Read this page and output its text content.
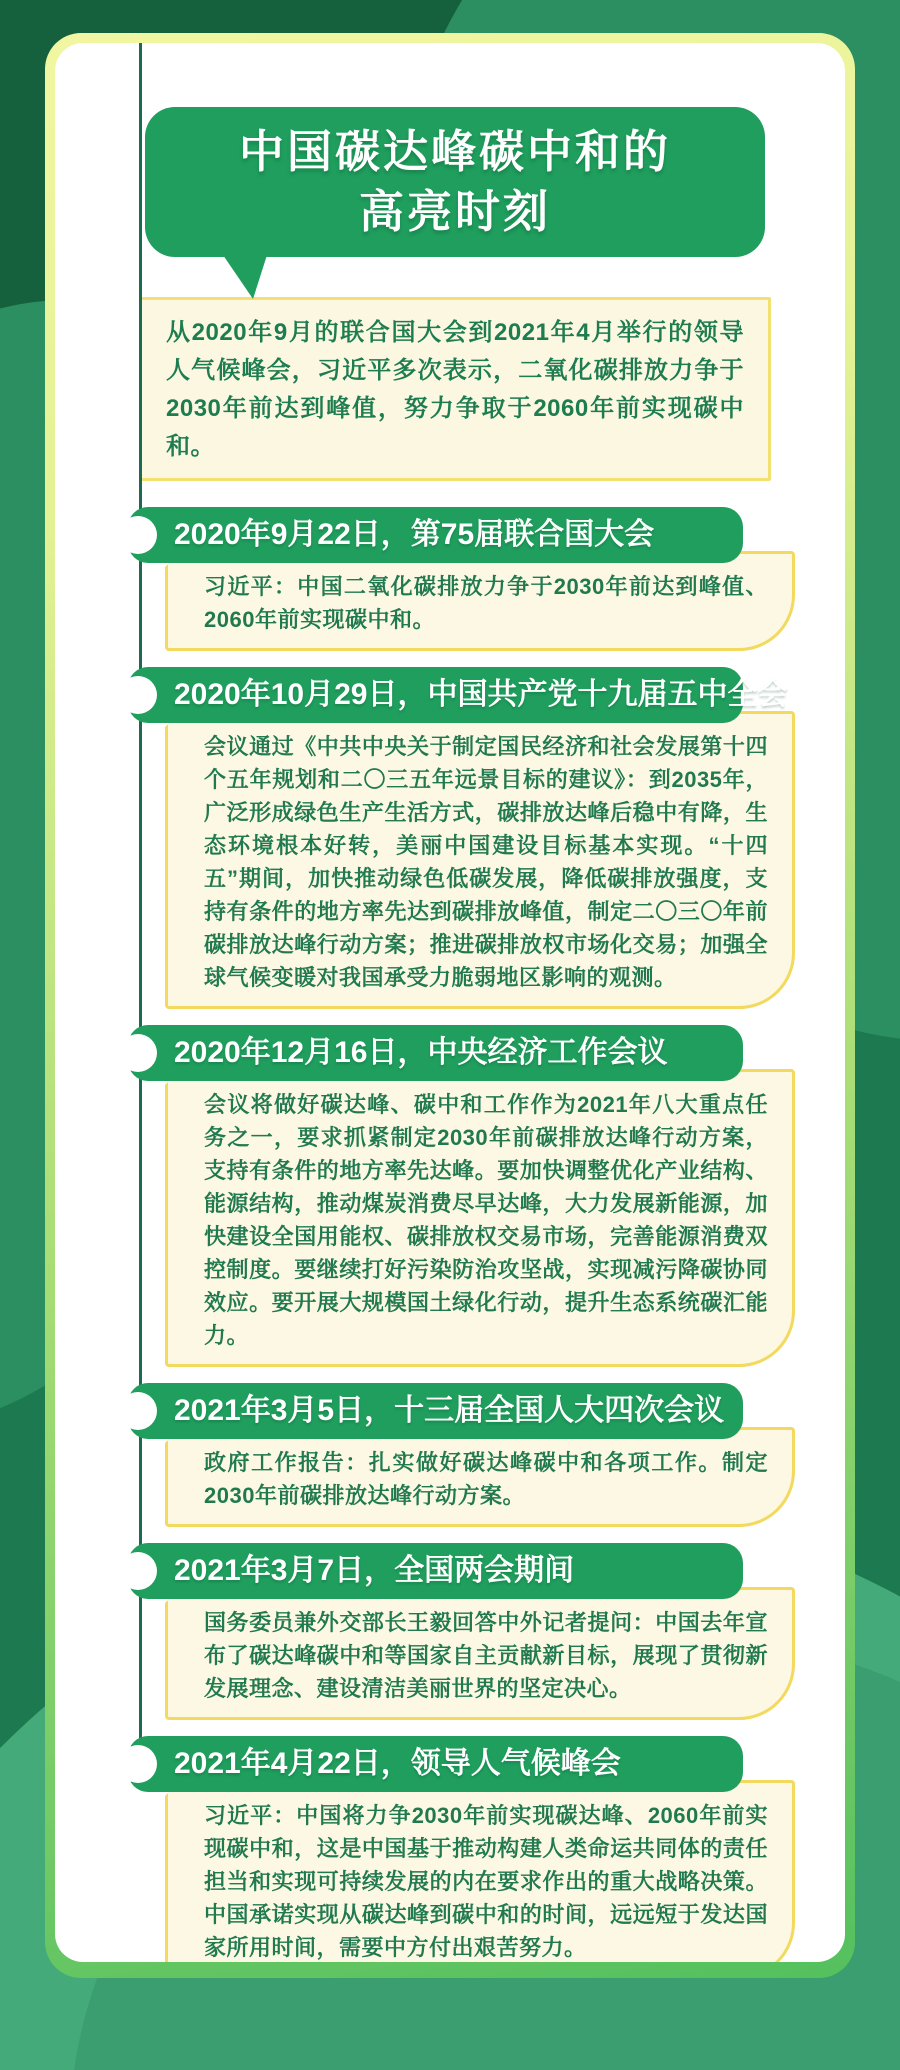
中国碳达峰碳中和的
高亮时刻
从2020年9月的联合国大会到2021年4月举行的领导人气候峰会，习近平多次表示，二氧化碳排放力争于2030年前达到峰值，努力争取于2060年前实现碳中和。
2020年9月22日，第75届联合国大会
习近平：中国二氧化碳排放力争于2030年前达到峰值、2060年前实现碳中和。
2020年10月29日，中国共产党十九届五中全会
会议通过《中共中央关于制定国民经济和社会发展第十四个五年规划和二〇三五年远景目标的建议》：到2035年，广泛形成绿色生产生活方式，碳排放达峰后稳中有降，生态环境根本好转，美丽中国建设目标基本实现。“十四五”期间，加快推动绿色低碳发展，降低碳排放强度，支持有条件的地方率先达到碳排放峰值，制定二〇三〇年前碳排放达峰行动方案；推进碳排放权市场化交易；加强全球气候变暖对我国承受力脆弱地区影响的观测。
2020年12月16日，中央经济工作会议
会议将做好碳达峰、碳中和工作作为2021年八大重点任务之一，要求抓紧制定2030年前碳排放达峰行动方案，支持有条件的地方率先达峰。要加快调整优化产业结构、能源结构，推动煤炭消费尽早达峰，大力发展新能源，加快建设全国用能权、碳排放权交易市场，完善能源消费双控制度。要继续打好污染防治攻坚战，实现减污降碳协同效应。要开展大规模国土绿化行动，提升生态系统碳汇能力。
2021年3月5日，十三届全国人大四次会议
政府工作报告：扎实做好碳达峰碳中和各项工作。制定2030年前碳排放达峰行动方案。
2021年3月7日，全国两会期间
国务委员兼外交部长王毅回答中外记者提问：中国去年宣布了碳达峰碳中和等国家自主贡献新目标，展现了贯彻新发展理念、建设清洁美丽世界的坚定决心。
2021年4月22日，领导人气候峰会
习近平：中国将力争2030年前实现碳达峰、2060年前实现碳中和，这是中国基于推动构建人类命运共同体的责任担当和实现可持续发展的内在要求作出的重大战略决策。中国承诺实现从碳达峰到碳中和的时间，远远短于发达国家所用时间，需要中方付出艰苦努力。
